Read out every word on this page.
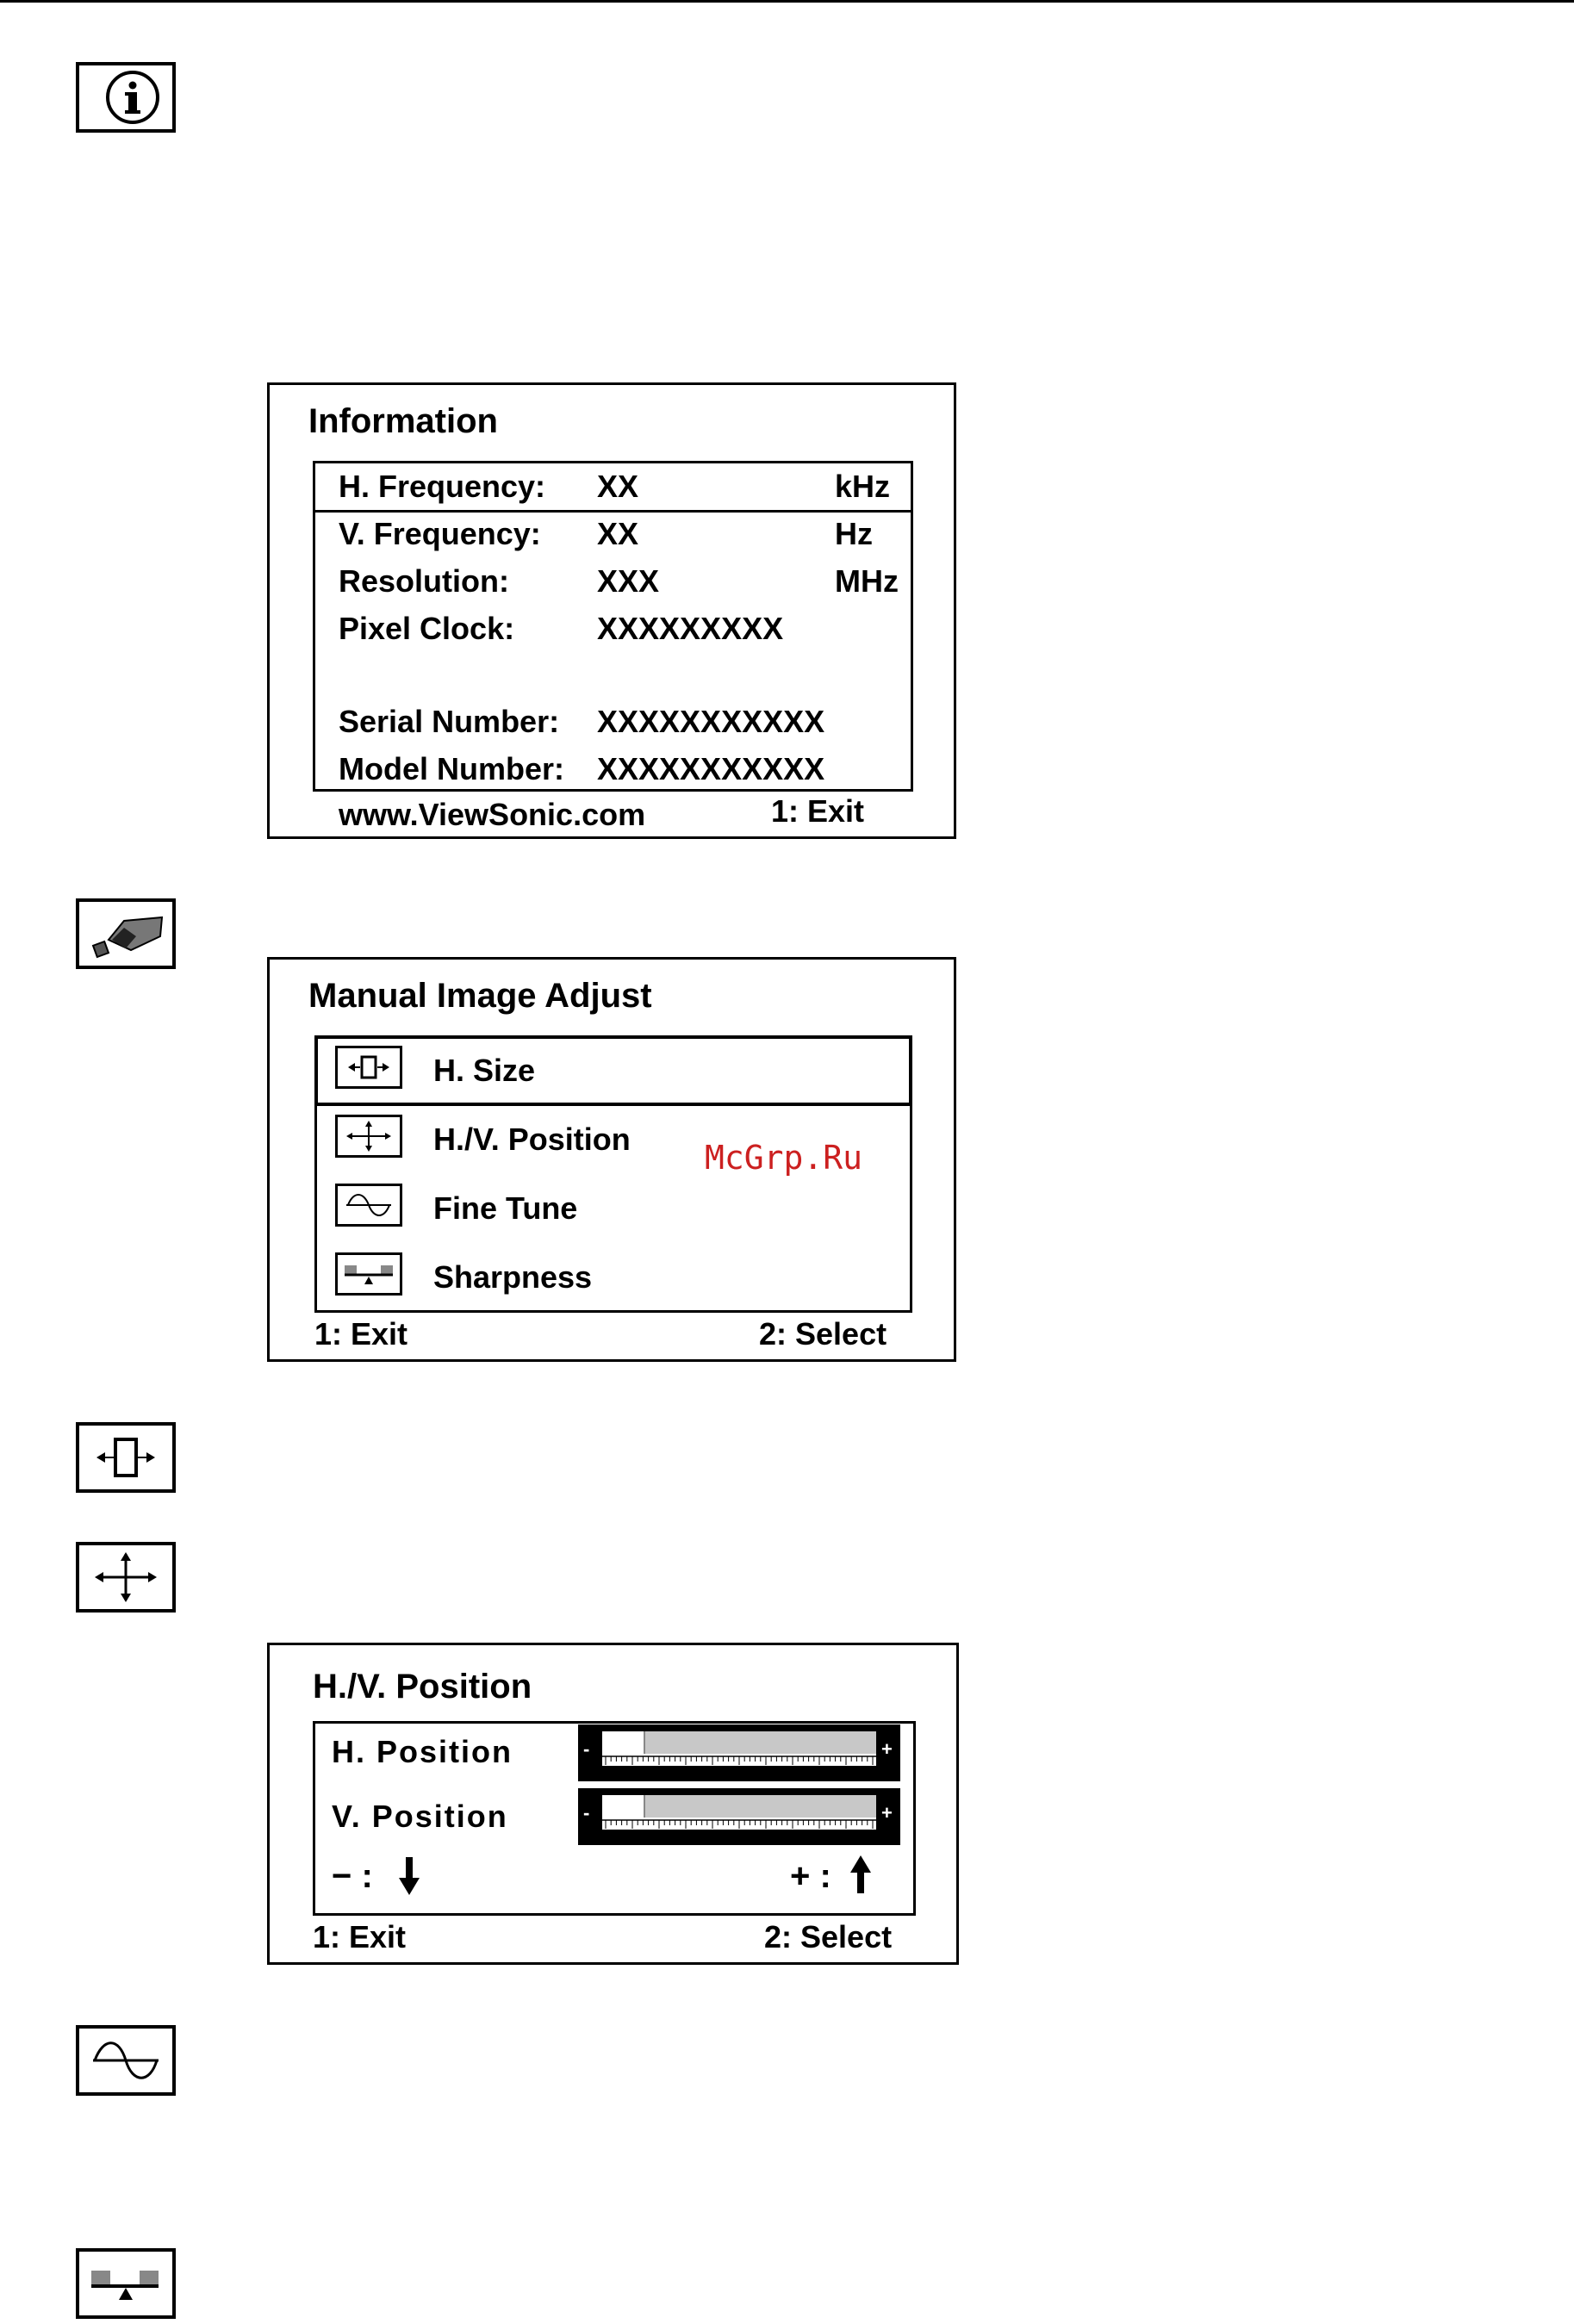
Information
H. Frequency: XX	kHz
V. Frequency: XX	Hz
Resolution:	XXX	MHz
Pixel Clock:	XXXXXXXXX
Serial Number: XXXXXXXXXXX
Model Number: XXXXXXXXXXX
www.ViewSonic.com	1: Exit
Manual Image Adjust
H. Size
H./V. Position
Fine Tune
Sharpness
1: Exit	2: Select
H./V. Position
H. Position	-	+
V. Position	-	+
− :	+ :
1: Exit	2: Select
McGrp.Ru
